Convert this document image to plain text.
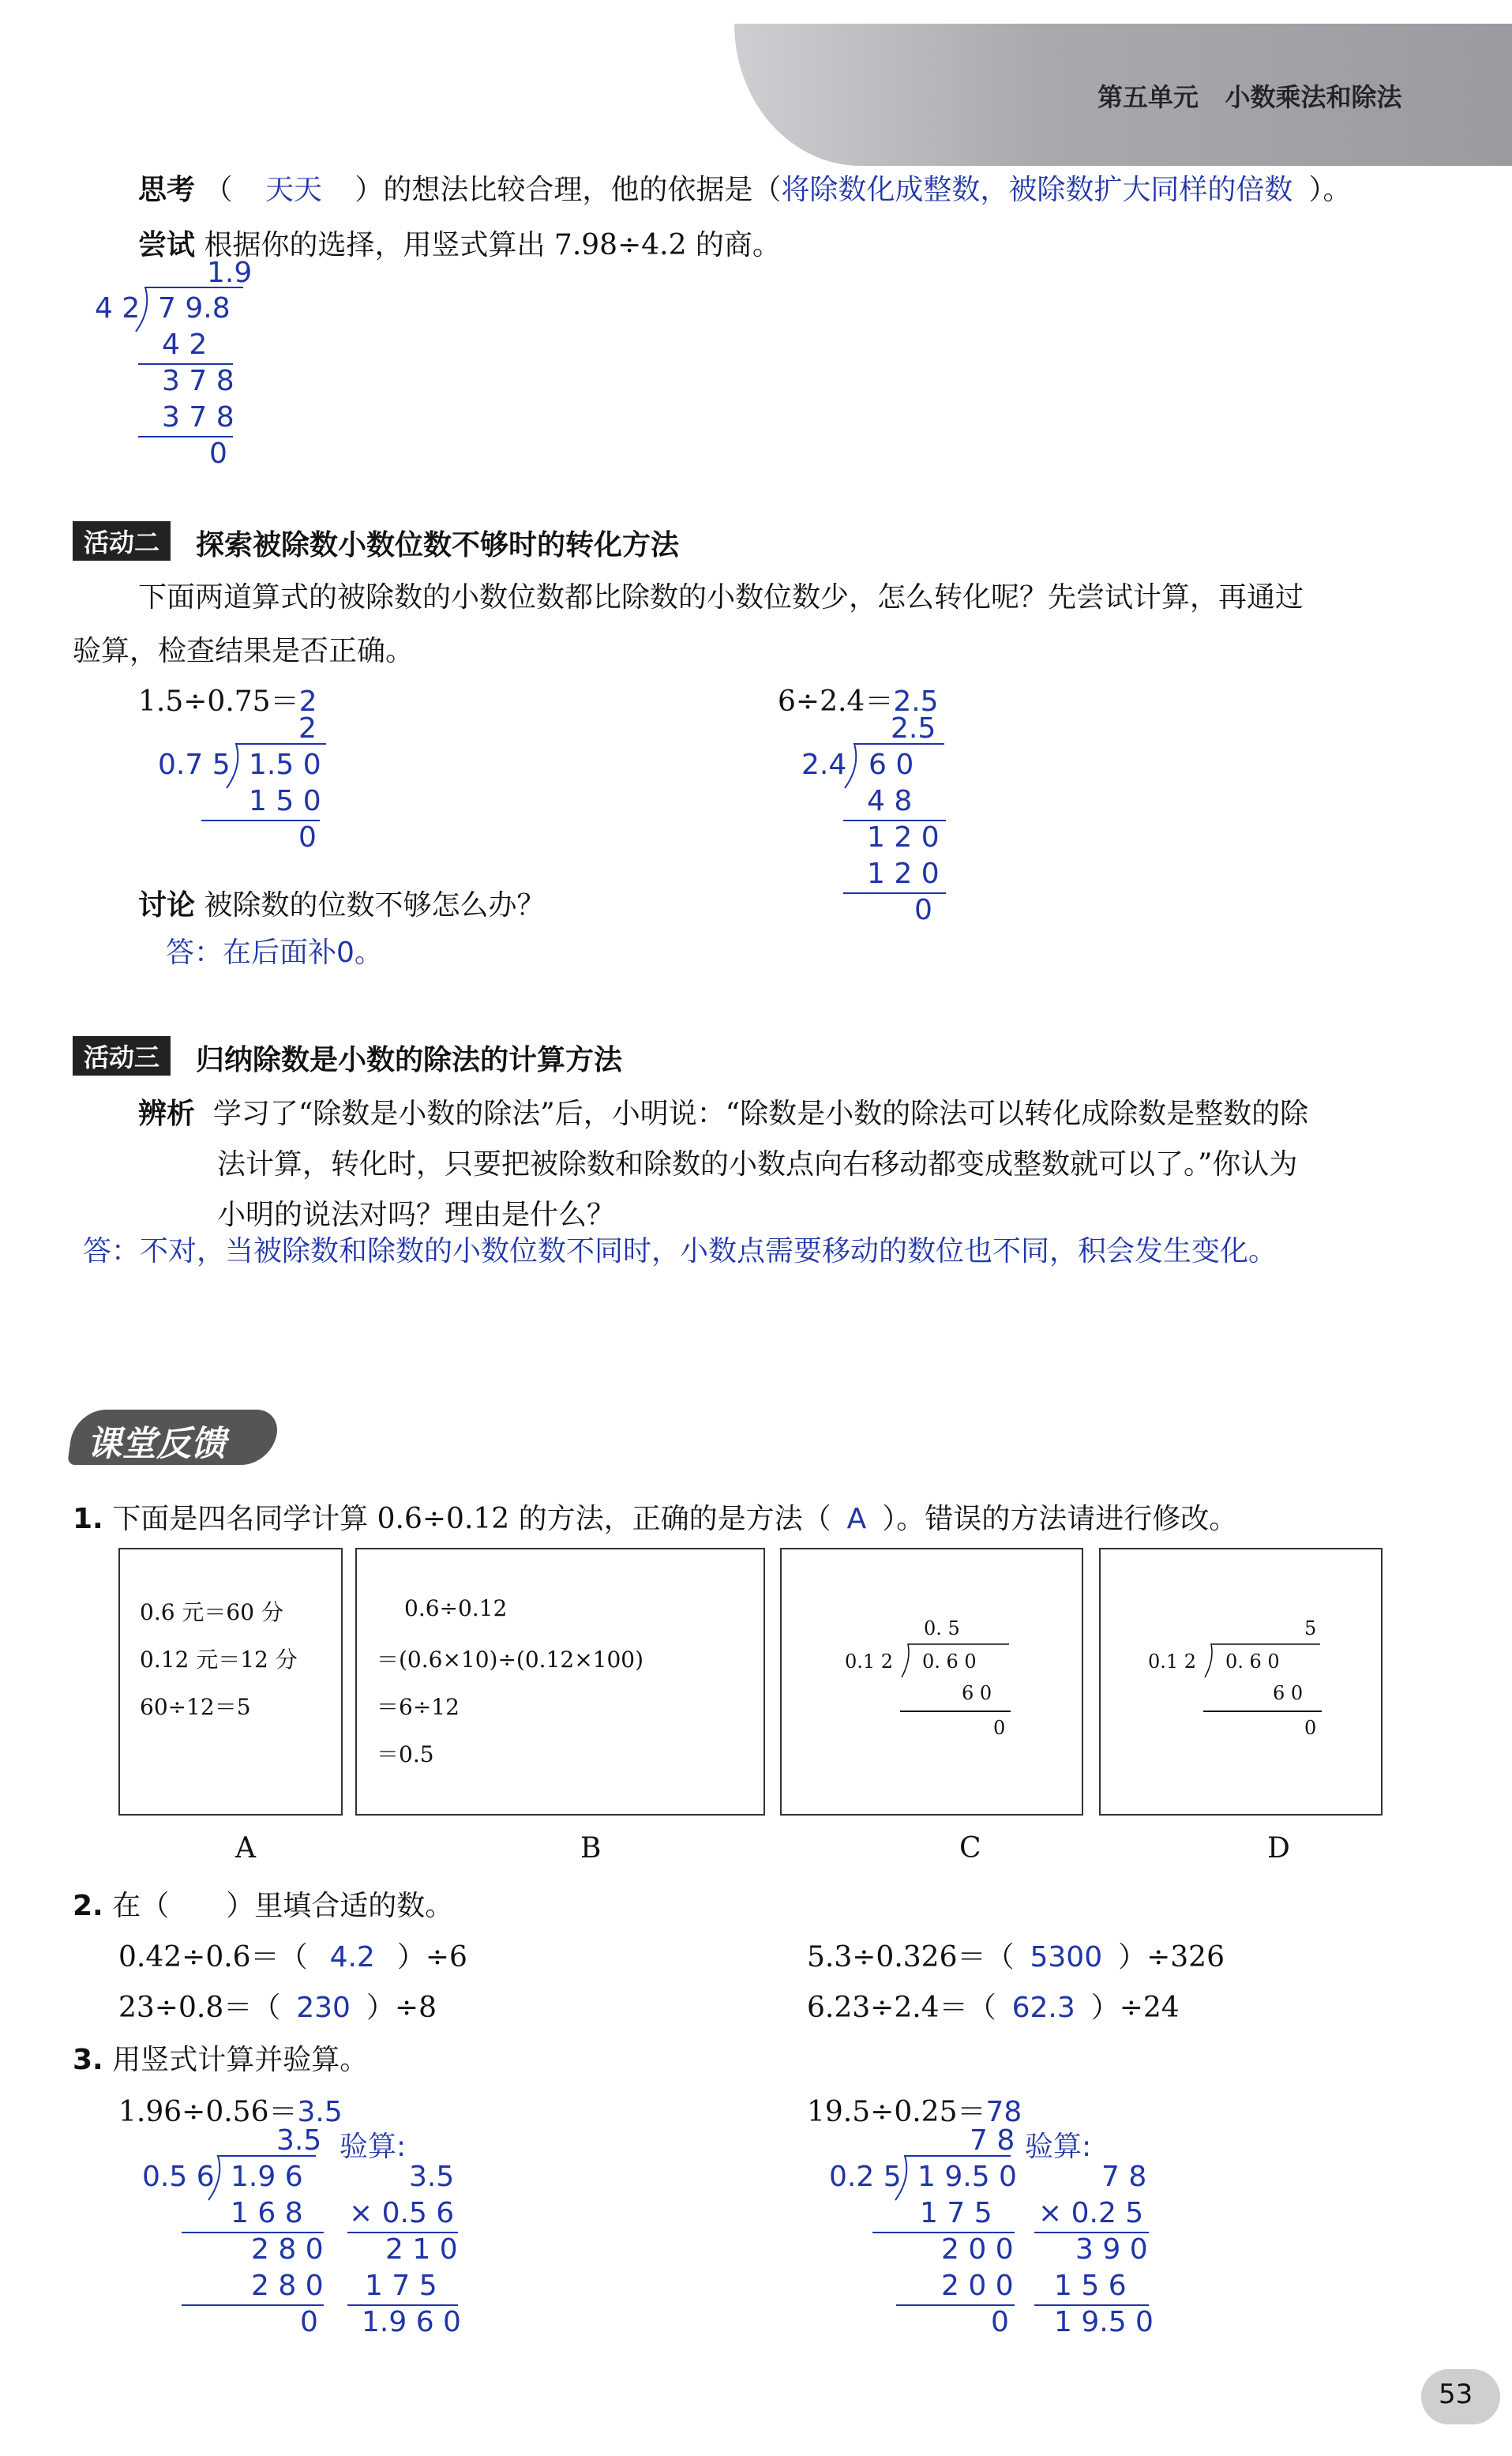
第五单元 小数乘法和除法
思考 （ 天天 ）的想法比较合理，他的依据是（将除数化成整数，被除数扩大同样的倍数 ）。
尝试 根据你的选择，用竖式算出 7.98÷4.2 的商。
1.9
4 2 7 9.8
4 2
3 7 8
3 7 8
0
活动二	探索被除数小数位数不够时的转化方法
下面两道算式的被除数的小数位数都比除数的小数位数少，怎么转化呢？先尝试计算，再通过
验算，检查结果是否正确。
1.5÷0.75＝2
2
0.7 5 1.5 0
1 5 0
0
6÷2.4＝2.5
2.5
2.4 6 0
4 8
1 2 0
1 2 0
0
讨论 被除数的位数不够怎么办？
答：在后面补0。
活动三	归纳除数是小数的除法的计算方法
辨析 学习了“除数是小数的除法”后，小明说：“除数是小数的除法可以转化成除数是整数的除
法计算，转化时，只要把被除数和除数的小数点向右移动都变成整数就可以了。”你认为
小明的说法对吗？理由是什么？
答：不对，当被除数和除数的小数位数不同时，小数点需要移动的数位也不同，积会发生变化。
课堂反馈
1. 下面是四名同学计算 0.6÷0.12 的方法，正确的是方法（ A ）。错误的方法请进行修改。
0.6 元＝60 分
0.12 元＝12 分
60÷12＝5
0.6÷0.12
＝(0.6×10)÷(0.12×100)
＝6÷12
＝0.5
0. 5
0.1 2 0. 6 0
6 0
0
5
0.1 2 0. 6 0
6 0
0
A	B	C	D
2. 在（　　）里填合适的数。
0.42÷0.6＝（ 4.2 ）÷6	5.3÷0.326＝（ 5300 ）÷326
23÷0.8＝（ 230 ）÷8	6.23÷2.4＝（ 62.3 ）÷24
3. 用竖式计算并验算。
1.96÷0.56＝3.5
3.5 验算:
0.5 6 1.9 6
1 6 8
2 8 0
2 8 0
0
3.5
× 0.5 6
2 1 0
1 7 5
1.9 6 0
19.5÷0.25＝78
7 8 验算:
0.2 5 1 9.5 0
1 7 5
2 0 0
2 0 0
0
7 8
× 0.2 5
3 9 0
1 5 6
1 9.5 0
53
